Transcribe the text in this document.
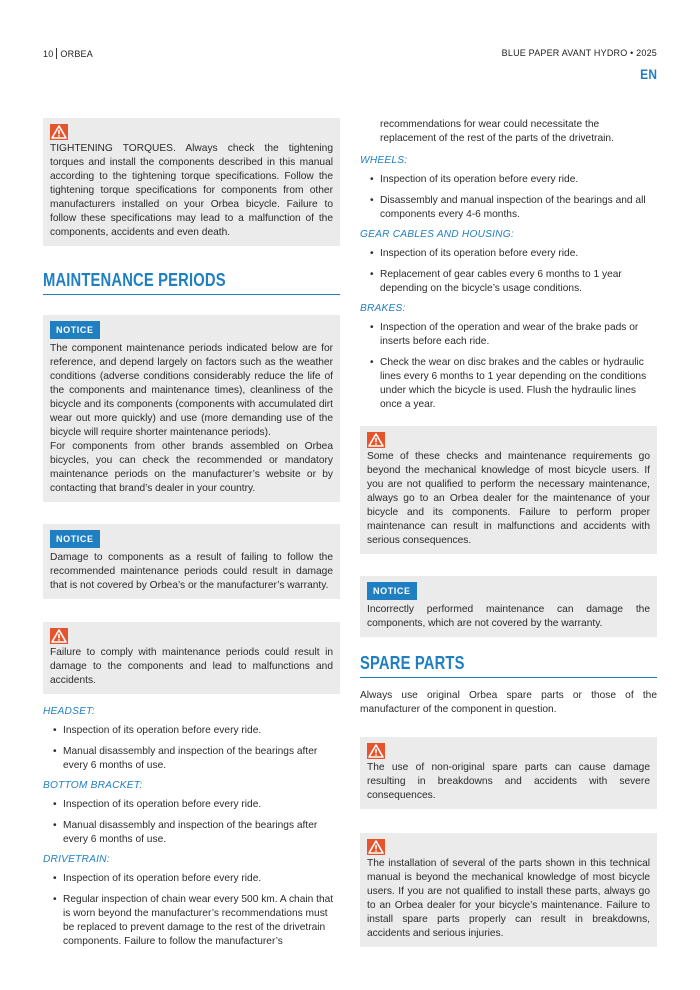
10 ORBEA	BLUE PAPER AVANT HYDRO • 2025
EN
TIGHTENING TORQUES. Always check the tightening torques and install the components described in this manual according to the tightening torque specifications. Follow the tightening torque specifications for components from other manufacturers installed on your Orbea bicycle. Failure to follow these specifications may lead to a malfunction of the components, accidents and even death.
MAINTENANCE PERIODS
NOTICE
The component maintenance periods indicated below are for reference, and depend largely on factors such as the weather conditions (adverse conditions considerably reduce the life of the components and maintenance times), cleanliness of the bicycle and its components (components with accumulated dirt wear out more quickly) and use (more demanding use of the bicycle will require shorter maintenance periods).
For components from other brands assembled on Orbea bicycles, you can check the recommended or mandatory maintenance periods on the manufacturer’s website or by contacting that brand’s dealer in your country.
NOTICE
Damage to components as a result of failing to follow the recommended maintenance periods could result in damage that is not covered by Orbea’s or the manufacturer’s warranty.
Failure to comply with maintenance periods could result in damage to the components and lead to malfunctions and accidents.
HEADSET:
• Inspection of its operation before every ride.
• Manual disassembly and inspection of the bearings after every 6 months of use.
BOTTOM BRACKET:
• Inspection of its operation before every ride.
• Manual disassembly and inspection of the bearings after every 6 months of use.
DRIVETRAIN:
• Inspection of its operation before every ride.
• Regular inspection of chain wear every 500 km. A chain that is worn beyond the manufacturer’s recommendations must be replaced to prevent damage to the rest of the drivetrain components. Failure to follow the manufacturer’s
recommendations for wear could necessitate the replacement of the rest of the parts of the drivetrain.
WHEELS:
• Inspection of its operation before every ride.
• Disassembly and manual inspection of the bearings and all components every 4-6 months.
GEAR CABLES AND HOUSING:
• Inspection of its operation before every ride.
• Replacement of gear cables every 6 months to 1 year depending on the bicycle’s usage conditions.
BRAKES:
• Inspection of the operation and wear of the brake pads or inserts before each ride.
• Check the wear on disc brakes and the cables or hydraulic lines every 6 months to 1 year depending on the conditions under which the bicycle is used. Flush the hydraulic lines once a year.
Some of these checks and maintenance requirements go beyond the mechanical knowledge of most bicycle users. If you are not qualified to perform the necessary maintenance, always go to an Orbea dealer for the maintenance of your bicycle and its components. Failure to perform proper maintenance can result in malfunctions and accidents with serious consequences.
NOTICE
Incorrectly performed maintenance can damage the components, which are not covered by the warranty.
SPARE PARTS
Always use original Orbea spare parts or those of the manufacturer of the component in question.
The use of non-original spare parts can cause damage resulting in breakdowns and accidents with severe consequences.
The installation of several of the parts shown in this technical manual is beyond the mechanical knowledge of most bicycle users. If you are not qualified to install these parts, always go to an Orbea dealer for your bicycle’s maintenance. Failure to install spare parts properly can result in breakdowns, accidents and serious injuries.
